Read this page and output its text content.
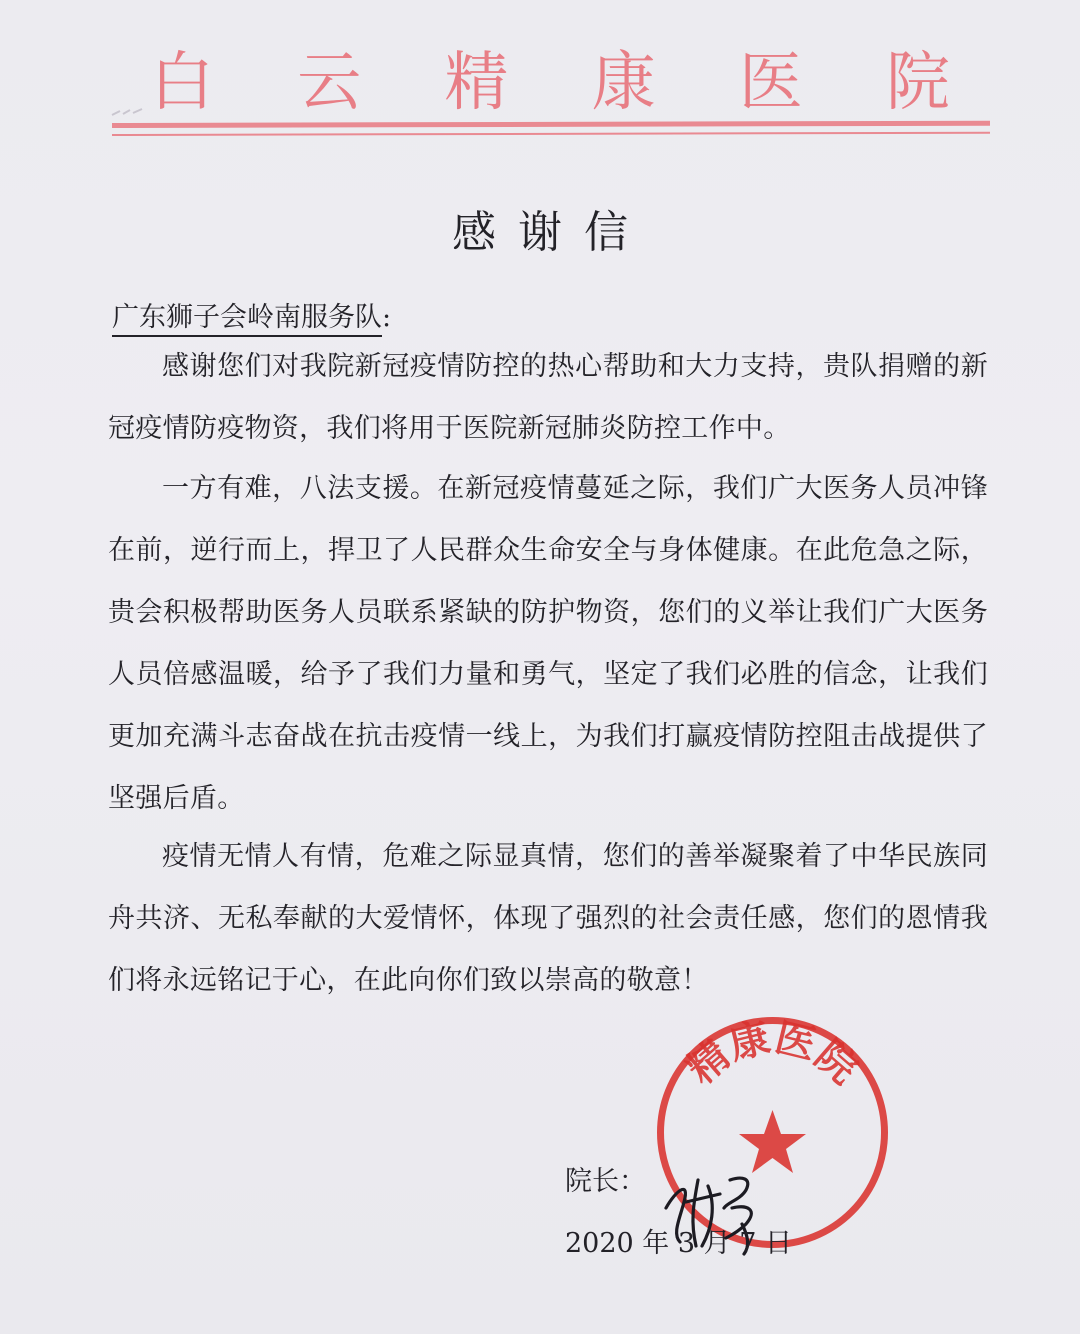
白 云 精 康 医 院
感谢信
广东狮子会岭南服务队:
感谢您们对我院新冠疫情防控的热心帮助和大力支持，贵队捐赠的新冠疫情防疫物资，我们将用于医院新冠肺炎防控工作中。
一方有难，八法支援。在新冠疫情蔓延之际，我们广大医务人员冲锋在前，逆行而上，捍卫了人民群众生命安全与身体健康。在此危急之际，贵会积极帮助医务人员联系紧缺的防护物资，您们的义举让我们广大医务人员倍感温暖，给予了我们力量和勇气，坚定了我们必胜的信念，让我们更加充满斗志奋战在抗击疫情一线上，为我们打赢疫情防控阻击战提供了坚强后盾。
疫情无情人有情，危难之际显真情，您们的善举凝聚着了中华民族同舟共济、无私奉献的大爱情怀，体现了强烈的社会责任感，您们的恩情我们将永远铭记于心，在此向你们致以崇高的敬意！
精康医院
院长：
2020 年 3 月 7 日
